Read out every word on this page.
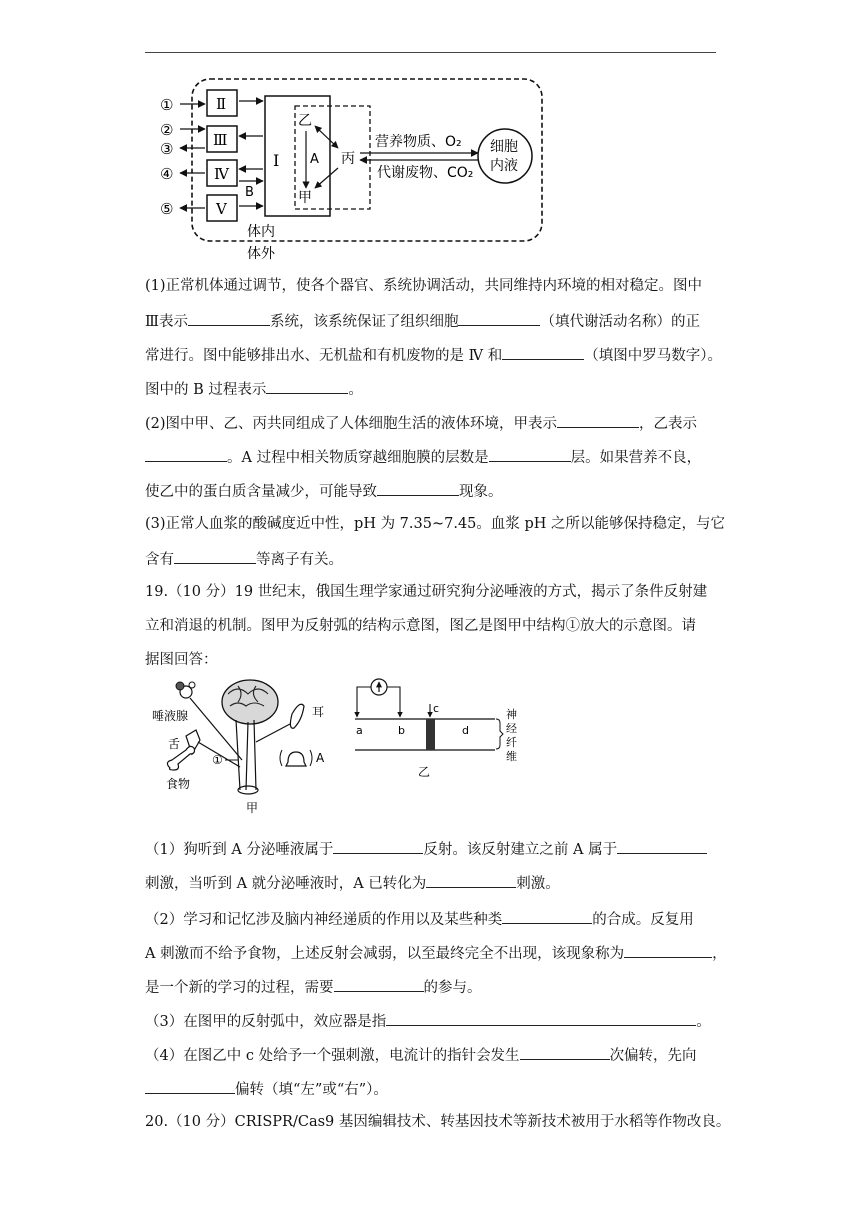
①
②
③
④
⑤
Ⅱ
Ⅲ
Ⅳ
Ⅴ
B
Ⅰ
乙
甲
丙
A
营养物质、O₂
代谢废物、CO₂
细胞
内液
体内
体外
(1)正常机体通过调节，使各个器官、系统协调活动，共同维持内环境的相对稳定。图中
Ⅲ表示	系统，该系统保证了组织细胞	（填代谢活动名称）的正
常进行。图中能够排出水、无机盐和有机废物的是 Ⅳ 和	（填图中罗马数字）。
图中的 B 过程表示	。
(2)图中甲、乙、丙共同组成了人体细胞生活的液体环境，甲表示	，乙表示
。A 过程中相关物质穿越细胞膜的层数是	层。如果营养不良，
使乙中的蛋白质含量减少，可能导致	现象。
(3)正常人血浆的酸碱度近中性，pH 为 7.35~7.45。血浆 pH 之所以能够保持稳定，与它
含有	等离子有关。
19.（10 分）19 世纪末，俄国生理学家通过研究狗分泌唾液的方式，揭示了条件反射建
立和消退的机制。图甲为反射弧的结构示意图，图乙是图甲中结构①放大的示意图。请
据图回答：
唾液腺
舌
食物
①
耳
A
甲
a	b
c
d
神
经
纤
维
乙
（1）狗听到 A 分泌唾液属于	反射。该反射建立之前 A 属于
刺激，当听到 A 就分泌唾液时，A 已转化为	刺激。
（2）学习和记忆涉及脑内神经递质的作用以及某些种类	的合成。反复用
A 刺激而不给予食物，上述反射会减弱，以至最终完全不出现，该现象称为	，
是一个新的学习的过程，需要	的参与。
（3）在图甲的反射弧中，效应器是指	。
（4）在图乙中 c 处给予一个强刺激，电流计的指针会发生	次偏转，先向
偏转（填“左”或“右”）。
20.（10 分）CRISPR/Cas9 基因编辑技术、转基因技术等新技术被用于水稻等作物改良。
